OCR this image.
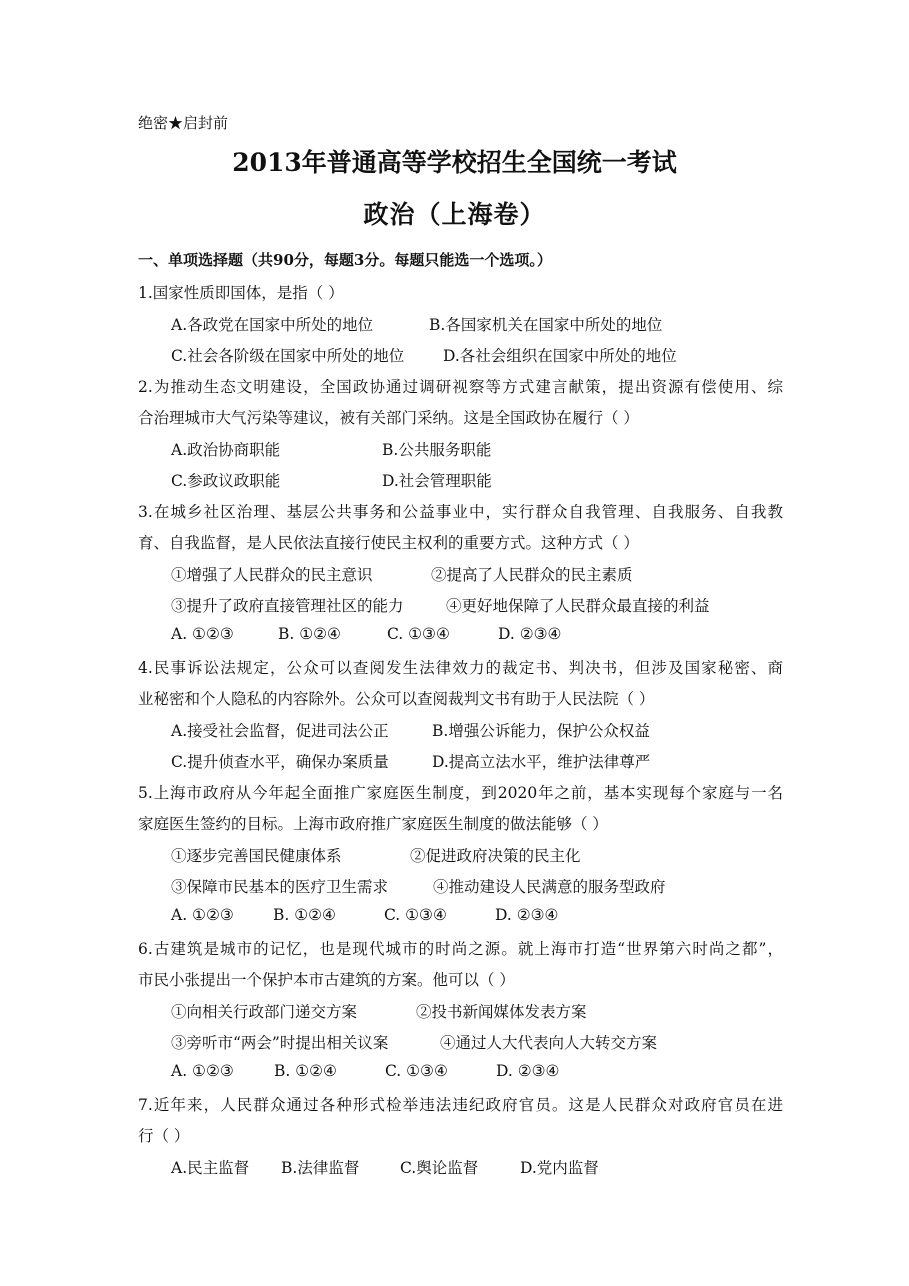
绝密★启封前
2013年普通高等学校招生全国统一考试
政治（上海卷）
一、单项选择题（共90分，每题3分。每题只能选一个选项。）
1.国家性质即国体，是指（ ）
A.各政党在国家中所处的地位	B.各国家机关在国家中所处的地位
C.社会各阶级在国家中所处的地位	D.各社会组织在国家中所处的地位
2.为推动生态文明建设，全国政协通过调研视察等方式建言献策，提出资源有偿使用、综
合治理城市大气污染等建议，被有关部门采纳。这是全国政协在履行（ ）
A.政治协商职能	B.公共服务职能
C.参政议政职能	D.社会管理职能
3.在城乡社区治理、基层公共事务和公益事业中，实行群众自我管理、自我服务、自我教
育、自我监督，是人民依法直接行使民主权利的重要方式。这种方式（ ）
①增强了人民群众的民主意识	②提高了人民群众的民主素质
③提升了政府直接管理社区的能力	④更好地保障了人民群众最直接的利益
A. ①②③	B. ①②④	C. ①③④	D. ②③④
4.民事诉讼法规定，公众可以查阅发生法律效力的裁定书、判决书，但涉及国家秘密、商
业秘密和个人隐私的内容除外。公众可以查阅裁判文书有助于人民法院（ ）
A.接受社会监督，促进司法公正	B.增强公诉能力，保护公众权益
C.提升侦查水平，确保办案质量	D.提高立法水平，维护法律尊严
5.上海市政府从今年起全面推广家庭医生制度，到2020年之前，基本实现每个家庭与一名
家庭医生签约的目标。上海市政府推广家庭医生制度的做法能够（ ）
①逐步完善国民健康体系	②促进政府决策的民主化
③保障市民基本的医疗卫生需求	④推动建设人民满意的服务型政府
A. ①②③	B. ①②④	C. ①③④	D. ②③④
6.古建筑是城市的记忆，也是现代城市的时尚之源。就上海市打造“世界第六时尚之都”，
市民小张提出一个保护本市古建筑的方案。他可以（ ）
①向相关行政部门递交方案	②投书新闻媒体发表方案
③旁听市“两会”时提出相关议案	④通过人大代表向人大转交方案
A. ①②③	B. ①②④	C. ①③④	D. ②③④
7.近年来，人民群众通过各种形式检举违法违纪政府官员。这是人民群众对政府官员在进
行（ ）
A.民主监督 B.法律监督	C.舆论监督	D.党内监督
